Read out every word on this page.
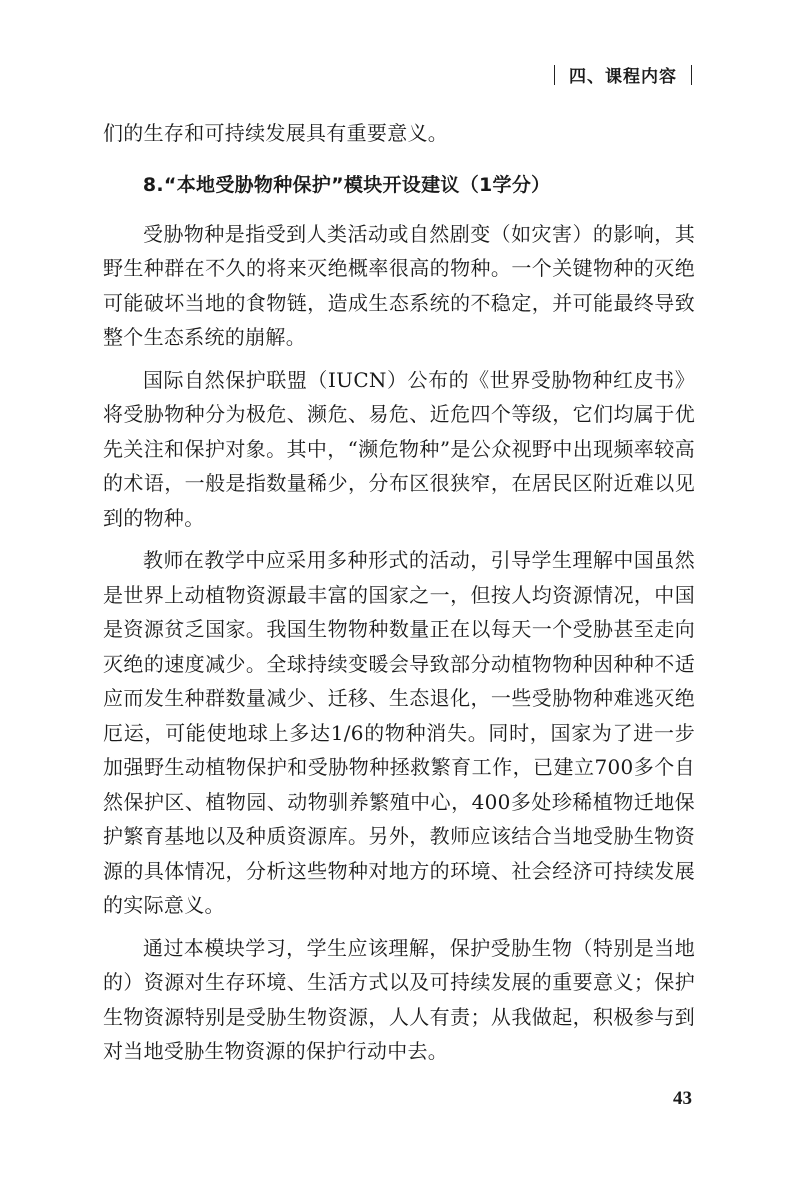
四、课程内容

们的生存和可持续发展具有重要意义。

8.“本地受胁物种保护”模块开设建议（1学分）

受胁物种是指受到人类活动或自然剧变（如灾害）的影响，其野生种群在不久的将来灭绝概率很高的物种。一个关键物种的灭绝可能破坏当地的食物链，造成生态系统的不稳定，并可能最终导致整个生态系统的崩解。

国际自然保护联盟（IUCN）公布的《世界受胁物种红皮书》将受胁物种分为极危、濒危、易危、近危四个等级，它们均属于优先关注和保护对象。其中，“濒危物种”是公众视野中出现频率较高的术语，一般是指数量稀少，分布区很狭窄，在居民区附近难以见到的物种。

教师在教学中应采用多种形式的活动，引导学生理解中国虽然是世界上动植物资源最丰富的国家之一，但按人均资源情况，中国是资源贫乏国家。我国生物物种数量正在以每天一个受胁甚至走向灭绝的速度减少。全球持续变暖会导致部分动植物物种因种种不适应而发生种群数量减少、迁移、生态退化，一些受胁物种难逃灭绝厄运，可能使地球上多达1/6的物种消失。同时，国家为了进一步加强野生动植物保护和受胁物种拯救繁育工作，已建立700多个自然保护区、植物园、动物驯养繁殖中心，400多处珍稀植物迁地保护繁育基地以及种质资源库。另外，教师应该结合当地受胁生物资源的具体情况，分析这些物种对地方的环境、社会经济可持续发展的实际意义。

通过本模块学习，学生应该理解，保护受胁生物（特别是当地的）资源对生存环境、生活方式以及可持续发展的重要意义；保护生物资源特别是受胁生物资源，人人有责；从我做起，积极参与到对当地受胁生物资源的保护行动中去。

43
